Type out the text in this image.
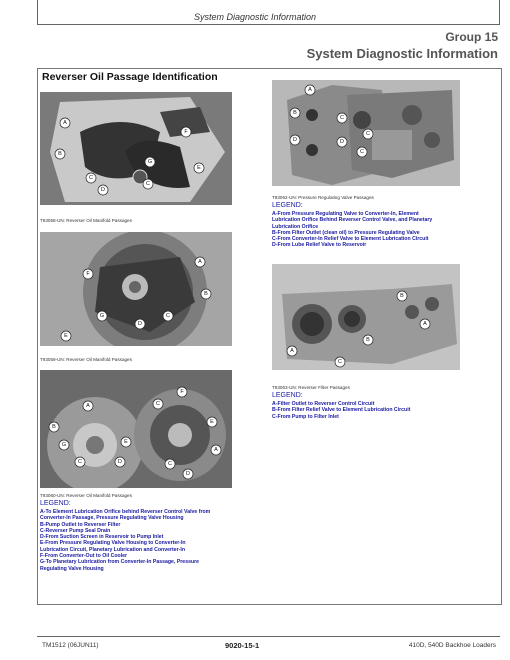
System Diagnostic Information
Group 15
System Diagnostic Information
Reverser Oil Passage Identification
A
F
B
E
C
C
G
D
T93058-UN: Reverser Oil Manifold Passages
A
F
B
G	C
E
D
T93059-UN: Reverser Oil Manifold Passages
A
B
G
C
E
D
C
F
E
A
C
D
T93060-UN: Reverser Oil Manifold Passages
LEGEND:
A-To Element Lubrication Orifice behind Reverser Control Valve from
Converter-In Passage, Pressure Regulating Valve Housing
B-Pump Outlet to Reverser Filter
C-Reverser Pump Seal Drain
D-From Suction Screen in Reservoir to Pump Inlet
E-From Pressure Regulating Valve Housing to Converter-In
Lubrication Circuit, Planetary Lubrication and Converter-In
F-From Converter-Out to Oil Cooler
G-To Planetary Lubrication from Converter-In Passage, Pressure
Regulating Valve Housing
A
B
C
D	D
C
C
T93062-UN: Pressure Regulating Valve Passages
LEGEND:
A-From Pressure Regulating Valve to Converter-In, Element
Lubrication Orifice Behind Reverser Control Valve, and Planetary
Lubrication Orifice
B-From Filter Outlet (clean oil) to Pressure Regulating Valve
C-From Converter-In Relief Valve to Element Lubrication Circuit
D-From Lube Relief Valve to Reservoir
B
A
A
C
B
T93063-UN: Reverser Filter Passages
LEGEND:
A-Filter Outlet to Reverser Control Circuit
B-From Filter Relief Valve to Element Lubrication Circuit
C-From Pump to Filter Inlet
TM1512 (06JUN11)	9020-15-1	410D, 540D Backhoe Loaders
